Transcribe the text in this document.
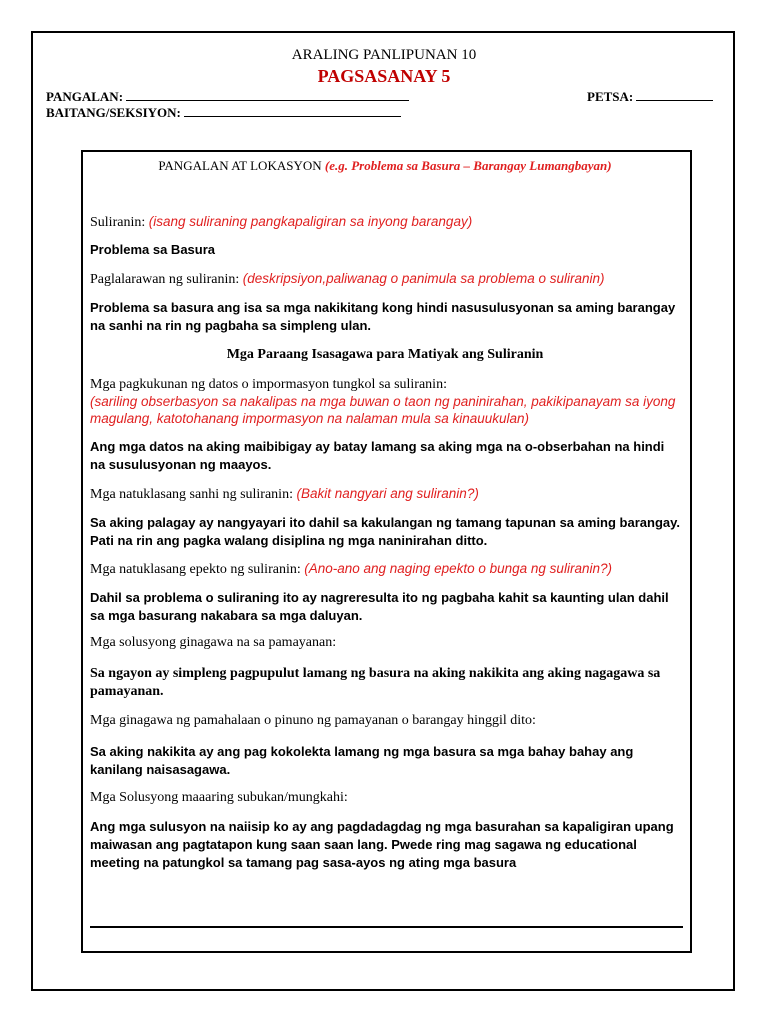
ARALING PANLIPUNAN 10
PAGSASANAY 5
PANGALAN:	PETSA:
BAITANG/SEKSIYON:
PANGALAN AT LOKASYON (e.g. Problema sa Basura – Barangay Lumangbayan)
Suliranin: (isang suliraning pangkapaligiran sa inyong barangay)
Problema sa Basura
Paglalarawan ng suliranin: (deskripsiyon,paliwanag o panimula sa problema o suliranin)
Problema sa basura ang isa sa mga nakikitang kong hindi nasusulusyonan sa aming barangay na sanhi na rin ng pagbaha sa simpleng ulan.
Mga Paraang Isasagawa para Matiyak ang Suliranin
Mga pagkukunan ng datos o impormasyon tungkol sa suliranin:
(sariling obserbasyon sa nakalipas na mga buwan o taon ng paninirahan, pakikipanayam sa iyong magulang, katotohanang impormasyon na nalaman mula sa kinauukulan)
Ang mga datos na aking maibibigay ay batay lamang sa aking mga na o-obserbahan na hindi na susulusyonan ng maayos.
Mga natuklasang sanhi ng suliranin: (Bakit nangyari ang suliranin?)
Sa aking palagay ay nangyayari ito dahil sa kakulangan ng tamang tapunan sa aming barangay. Pati na rin ang pagka walang disiplina ng mga naninirahan ditto.
Mga natuklasang epekto ng suliranin: (Ano-ano ang naging epekto o bunga ng suliranin?)
Dahil sa problema o suliraning ito ay nagreresulta ito ng pagbaha kahit sa kaunting ulan dahil sa mga basurang nakabara sa mga daluyan.
Mga solusyong ginagawa na sa pamayanan:
Sa ngayon ay simpleng pagpupulut lamang ng basura na aking nakikita ang aking nagagawa sa pamayanan.
Mga ginagawa ng pamahalaan o pinuno ng pamayanan o barangay hinggil dito:
Sa aking nakikita ay ang pag kokolekta lamang ng mga basura sa mga bahay bahay ang kanilang naisasagawa.
Mga Solusyong maaaring subukan/mungkahi:
Ang mga sulusyon na naiisip ko ay ang pagdadagdag ng mga basurahan sa kapaligiran upang maiwasan ang pagtatapon kung saan saan lang. Pwede ring mag sagawa ng educational meeting na patungkol sa tamang pag sasa-ayos ng ating mga basura
